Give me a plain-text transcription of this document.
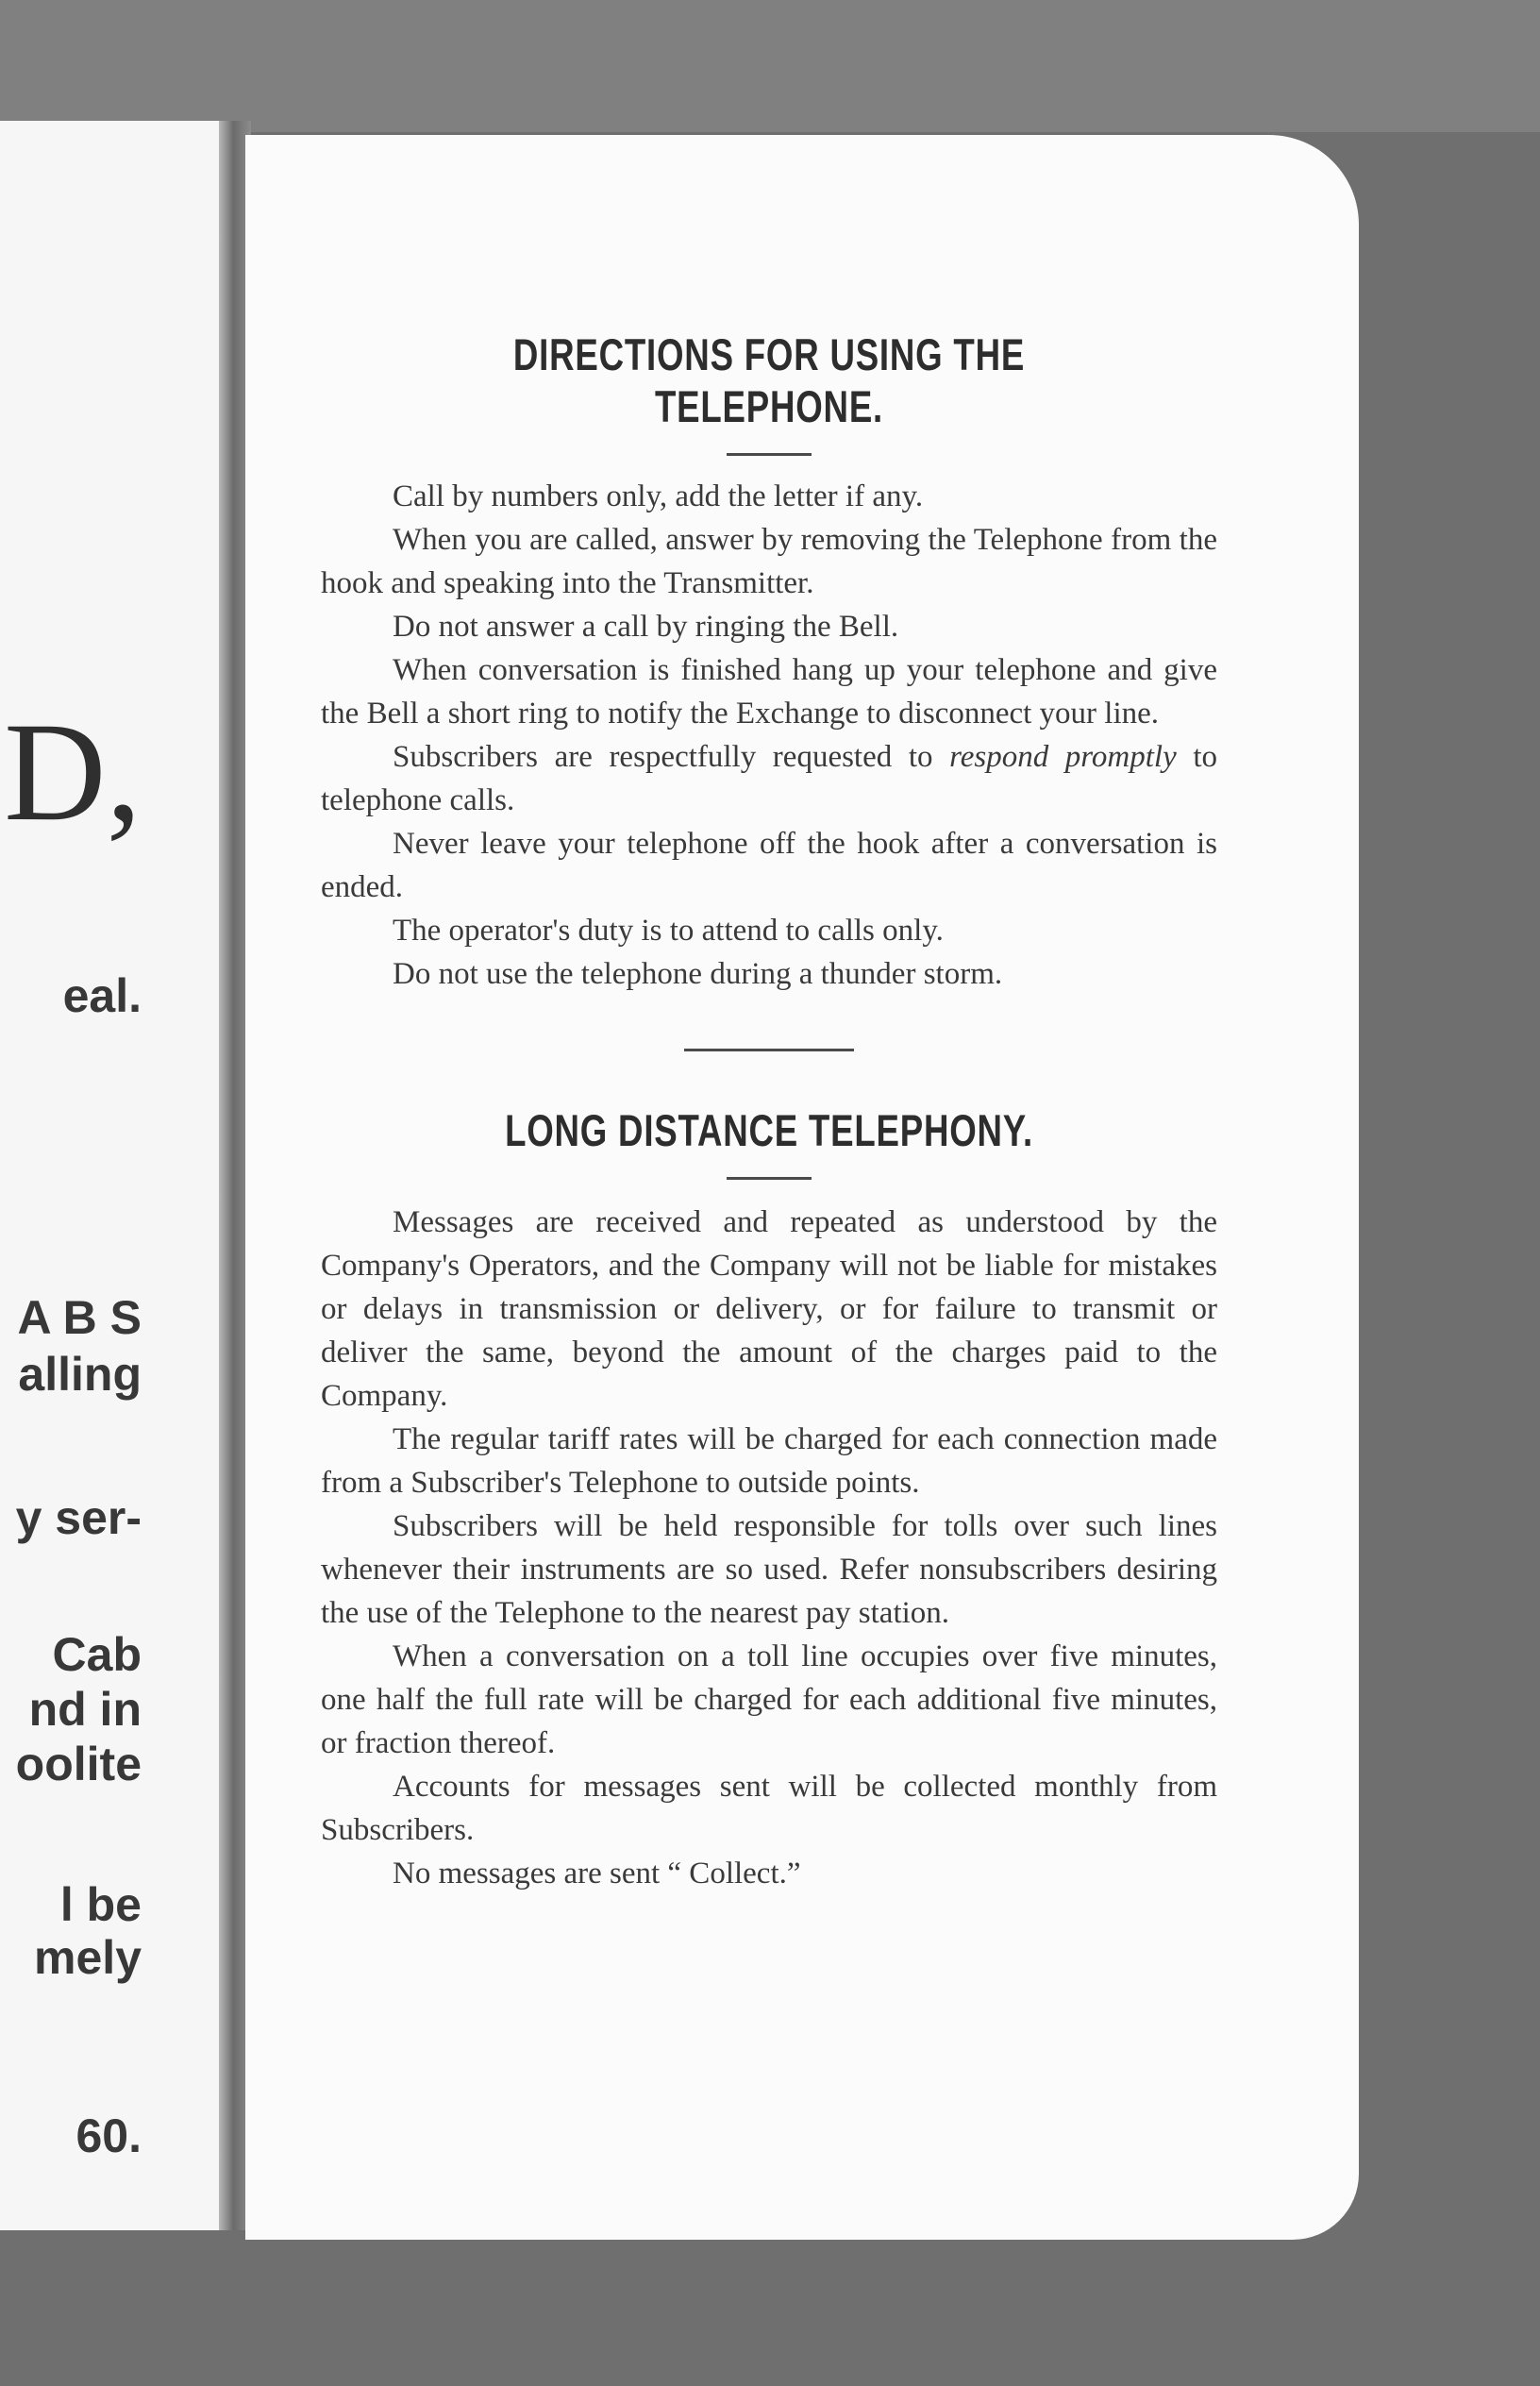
D,

eal.

A B S

alling

y ser-

Cab

nd in

oolite

l be

mely

60.

DIRECTIONS FOR USING THE TELEPHONE.

Call by numbers only, add the letter if any.

When you are called, answer by removing the Telephone from the hook and speaking into the Transmitter.

Do not answer a call by ringing the Bell.

When conversation is finished hang up your telephone and give the Bell a short ring to notify the Exchange to disconnect your line.

Subscribers are respectfully requested to respond promptly to telephone calls.

Never leave your telephone off the hook after a conversation is ended.

The operator's duty is to attend to calls only.

Do not use the telephone during a thunder storm.

LONG DISTANCE TELEPHONY.

Messages are received and repeated as understood by the Company's Operators, and the Company will not be liable for mistakes or delays in transmission or delivery, or for failure to transmit or deliver the same, beyond the amount of the charges paid to the Company.

The regular tariff rates will be charged for each connection made from a Subscriber's Telephone to outside points.

Subscribers will be held responsible for tolls over such lines whenever their instruments are so used. Refer nonsubscribers desiring the use of the Telephone to the nearest pay station.

When a conversation on a toll line occupies over five minutes, one half the full rate will be charged for each additional five minutes, or fraction thereof.

Accounts for messages sent will be collected monthly from Subscribers.

No messages are sent “ Collect.”
